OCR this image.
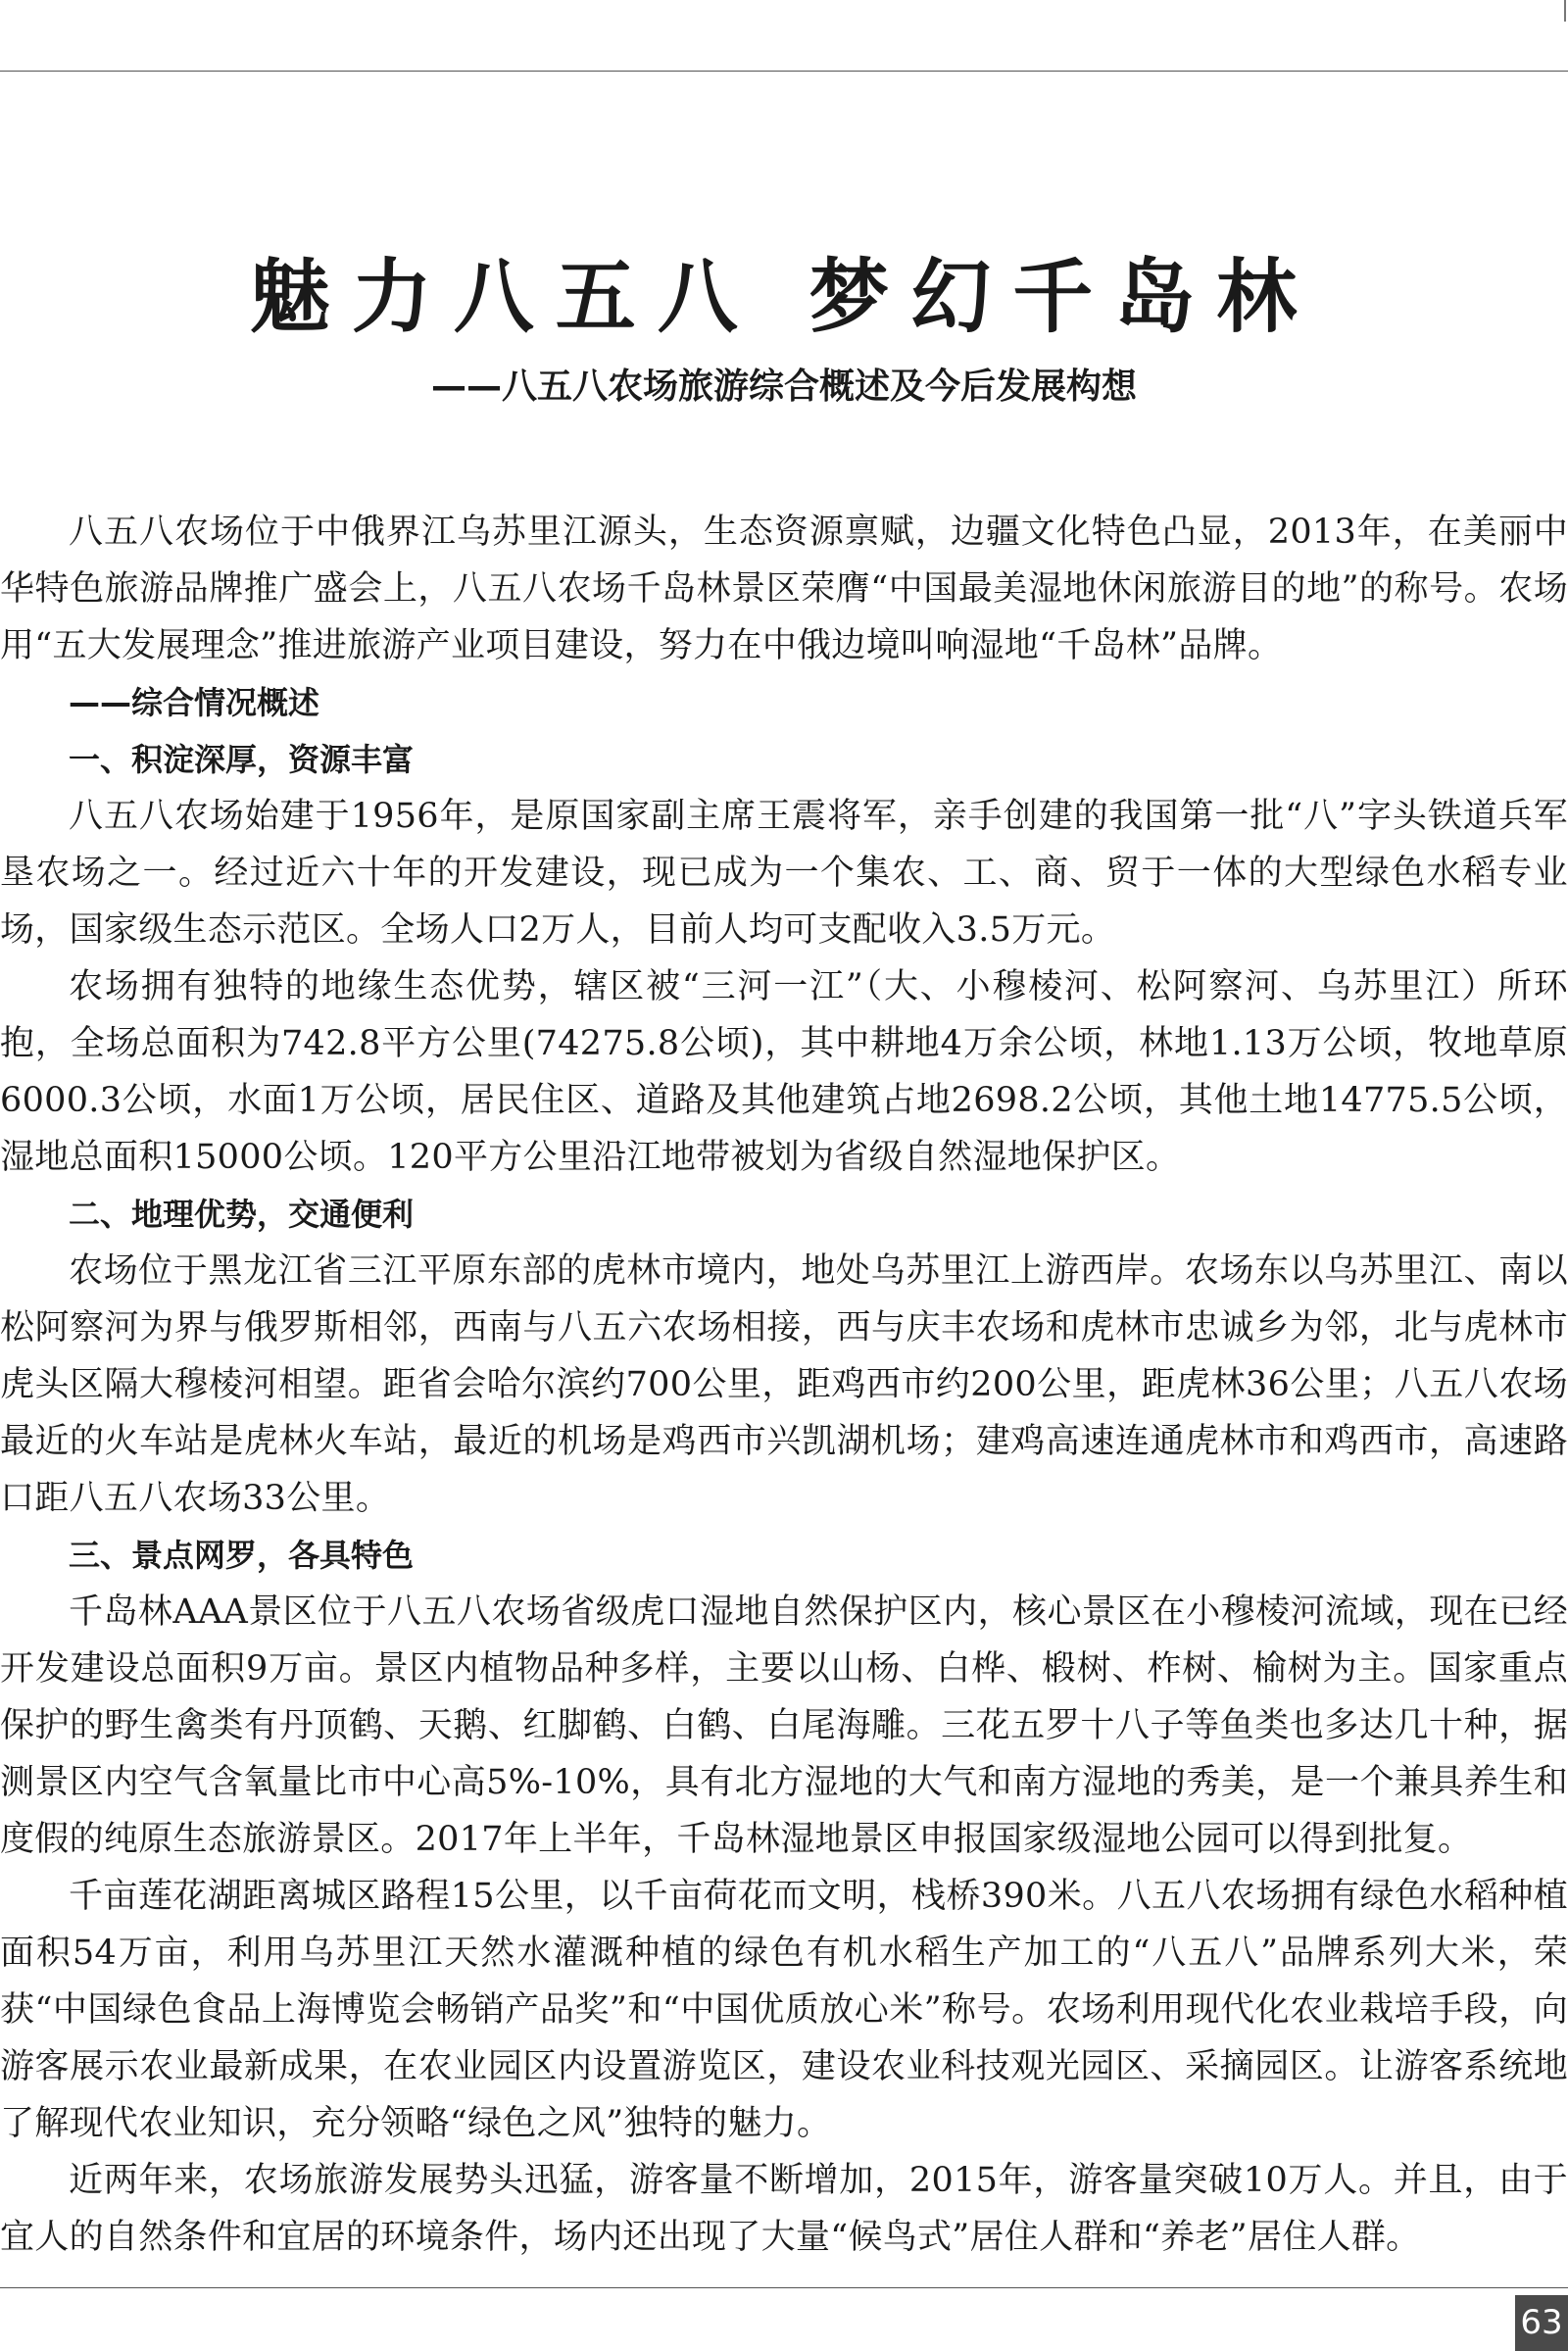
魅力八五八 梦幻千岛林
——八五八农场旅游综合概述及今后发展构想

八五八农场位于中俄界江乌苏里江源头，生态资源禀赋，边疆文化特色凸显，2013年，在美丽中华特色旅游品牌推广盛会上，八五八农场千岛林景区荣膺“中国最美湿地休闲旅游目的地”的称号。农场用“五大发展理念”推进旅游产业项目建设，努力在中俄边境叫响湿地“千岛林”品牌。

——综合情况概述

一、积淀深厚，资源丰富

八五八农场始建于1956年，是原国家副主席王震将军，亲手创建的我国第一批“八”字头铁道兵军垦农场之一。经过近六十年的开发建设，现已成为一个集农、工、商、贸于一体的大型绿色水稻专业场，国家级生态示范区。全场人口2万人，目前人均可支配收入3.5万元。

农场拥有独特的地缘生态优势，辖区被“三河一江”（大、小穆棱河、松阿察河、乌苏里江）所环抱，全场总面积为742.8平方公里(74275.8公顷)，其中耕地4万余公顷，林地1.13万公顷，牧地草原6000.3公顷，水面1万公顷，居民住区、道路及其他建筑占地2698.2公顷，其他土地14775.5公顷，湿地总面积15000公顷。120平方公里沿江地带被划为省级自然湿地保护区。

二、地理优势，交通便利

农场位于黑龙江省三江平原东部的虎林市境内，地处乌苏里江上游西岸。农场东以乌苏里江、南以松阿察河为界与俄罗斯相邻，西南与八五六农场相接，西与庆丰农场和虎林市忠诚乡为邻，北与虎林市虎头区隔大穆棱河相望。距省会哈尔滨约700公里，距鸡西市约200公里，距虎林36公里；八五八农场最近的火车站是虎林火车站，最近的机场是鸡西市兴凯湖机场；建鸡高速连通虎林市和鸡西市，高速路口距八五八农场33公里。

三、景点网罗，各具特色

千岛林AAA景区位于八五八农场省级虎口湿地自然保护区内，核心景区在小穆棱河流域，现在已经开发建设总面积9万亩。景区内植物品种多样，主要以山杨、白桦、椴树、柞树、榆树为主。国家重点保护的野生禽类有丹顶鹤、天鹅、红脚鹤、白鹤、白尾海雕。三花五罗十八子等鱼类也多达几十种，据测景区内空气含氧量比市中心高5%-10%，具有北方湿地的大气和南方湿地的秀美，是一个兼具养生和度假的纯原生态旅游景区。2017年上半年，千岛林湿地景区申报国家级湿地公园可以得到批复。

千亩莲花湖距离城区路程15公里，以千亩荷花而文明，栈桥390米。八五八农场拥有绿色水稻种植面积54万亩，利用乌苏里江天然水灌溉种植的绿色有机水稻生产加工的“八五八”品牌系列大米，荣获“中国绿色食品上海博览会畅销产品奖”和“中国优质放心米”称号。农场利用现代化农业栽培手段，向游客展示农业最新成果，在农业园区内设置游览区，建设农业科技观光园区、采摘园区。让游客系统地了解现代农业知识，充分领略“绿色之风”独特的魅力。

近两年来，农场旅游发展势头迅猛，游客量不断增加，2015年，游客量突破10万人。并且，由于宜人的自然条件和宜居的环境条件，场内还出现了大量“候鸟式”居住人群和“养老”居住人群。

63
